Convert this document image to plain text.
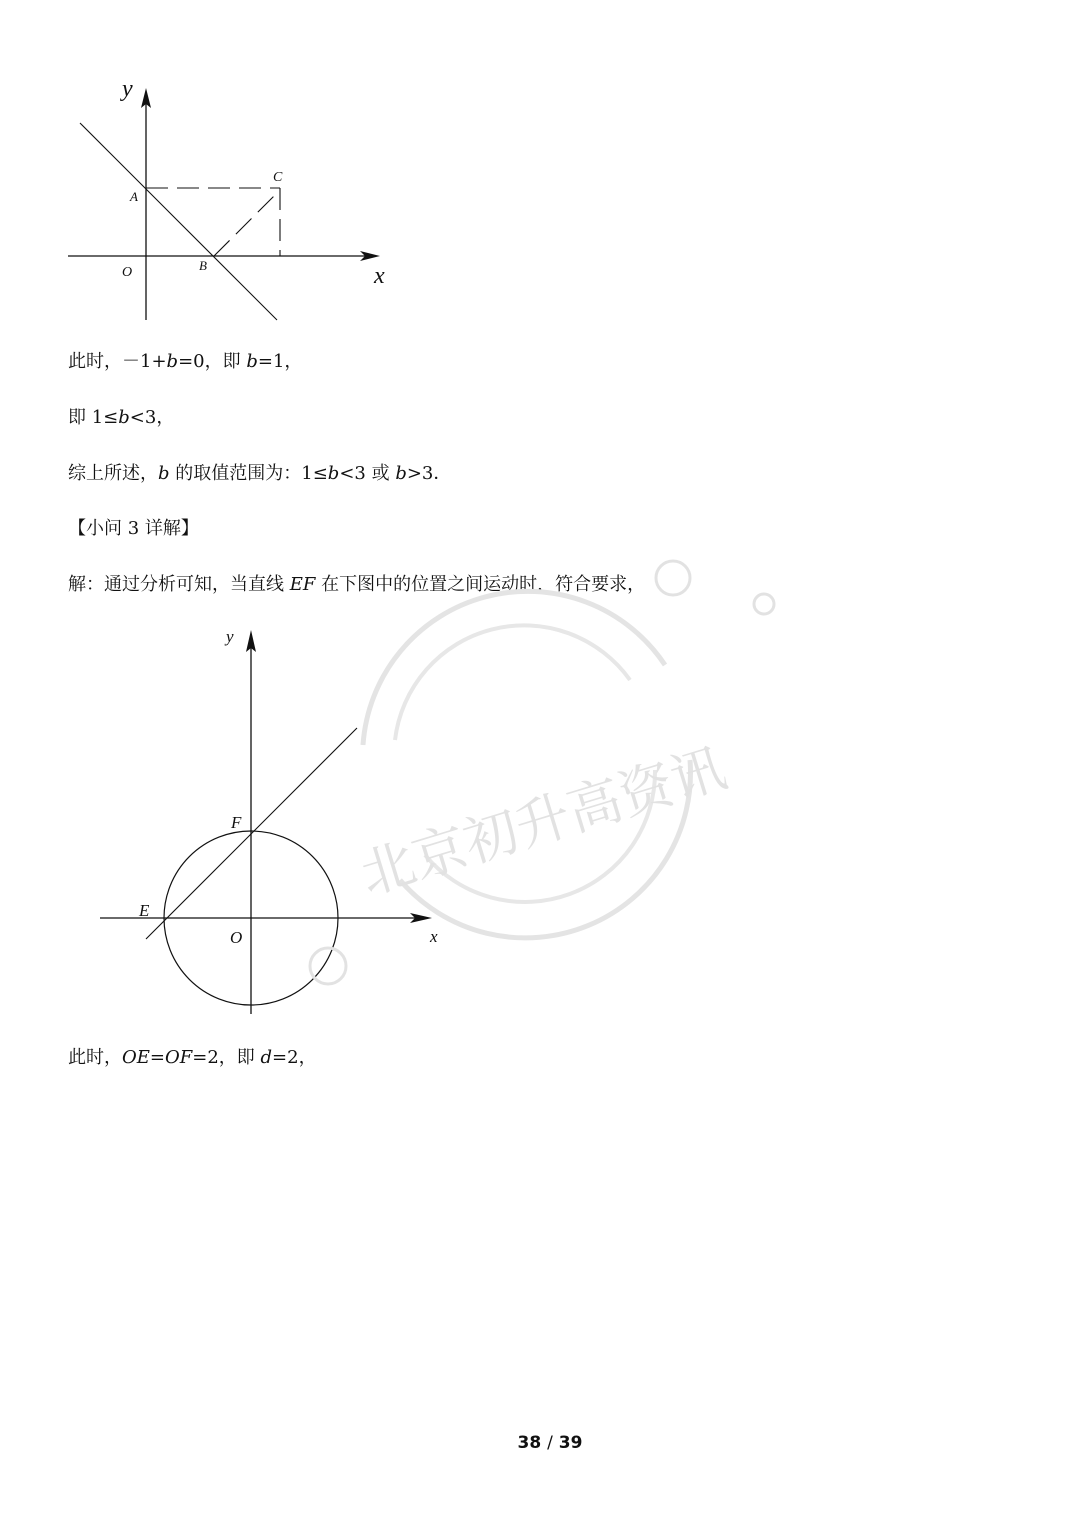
y
x
A
B
C
O
此时，－1+b=0，即 b=1，
即 1≤b<3，
综上所述，b 的取值范围为：1≤b<3 或 b>3．
【小问 3 详解】
解：通过分析可知，当直线 EF 在下图中的位置之间运动时，符合要求，
y
x
F
E
O
此时，OE=OF=2，即 d=2，
北京初升高资讯
38 / 39
